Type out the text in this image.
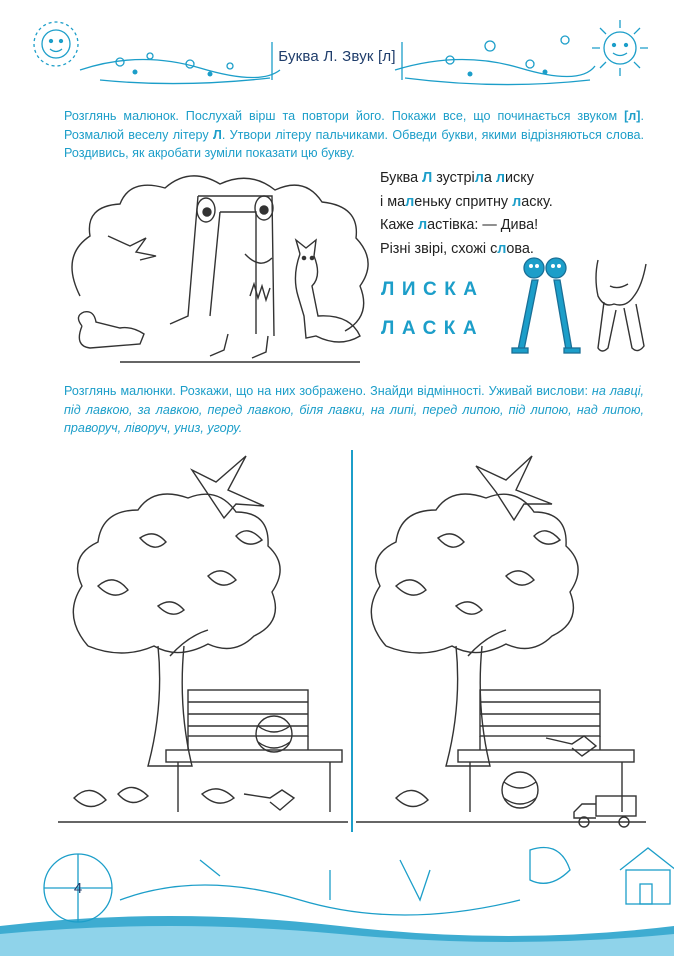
Буква Л. Звук [л]

Розглянь малюнок. Послухай вірш та повтори його. Покажи все, що починається звуком [л]. Розмалюй веселу літеру Л. Утвори літеру пальчиками. Обведи букви, якими відрізняються слова. Роздивись, як акробати зуміли показати цю букву.

Буква Л зустріла лиску
і маленьку спритну ласку.
Каже ластівка: — Дива!
Різні звірі, схожі слова.
ЛИСКА
ЛАСКА

Розглянь малюнки. Розкажи, що на них зображено. Знайди відмінності. Уживай вислови: на лавці, під лавкою, за лавкою, перед лавкою, біля лавки, на липі, перед липою, під липою, над липою, праворуч, ліворуч, униз, угору.

4
